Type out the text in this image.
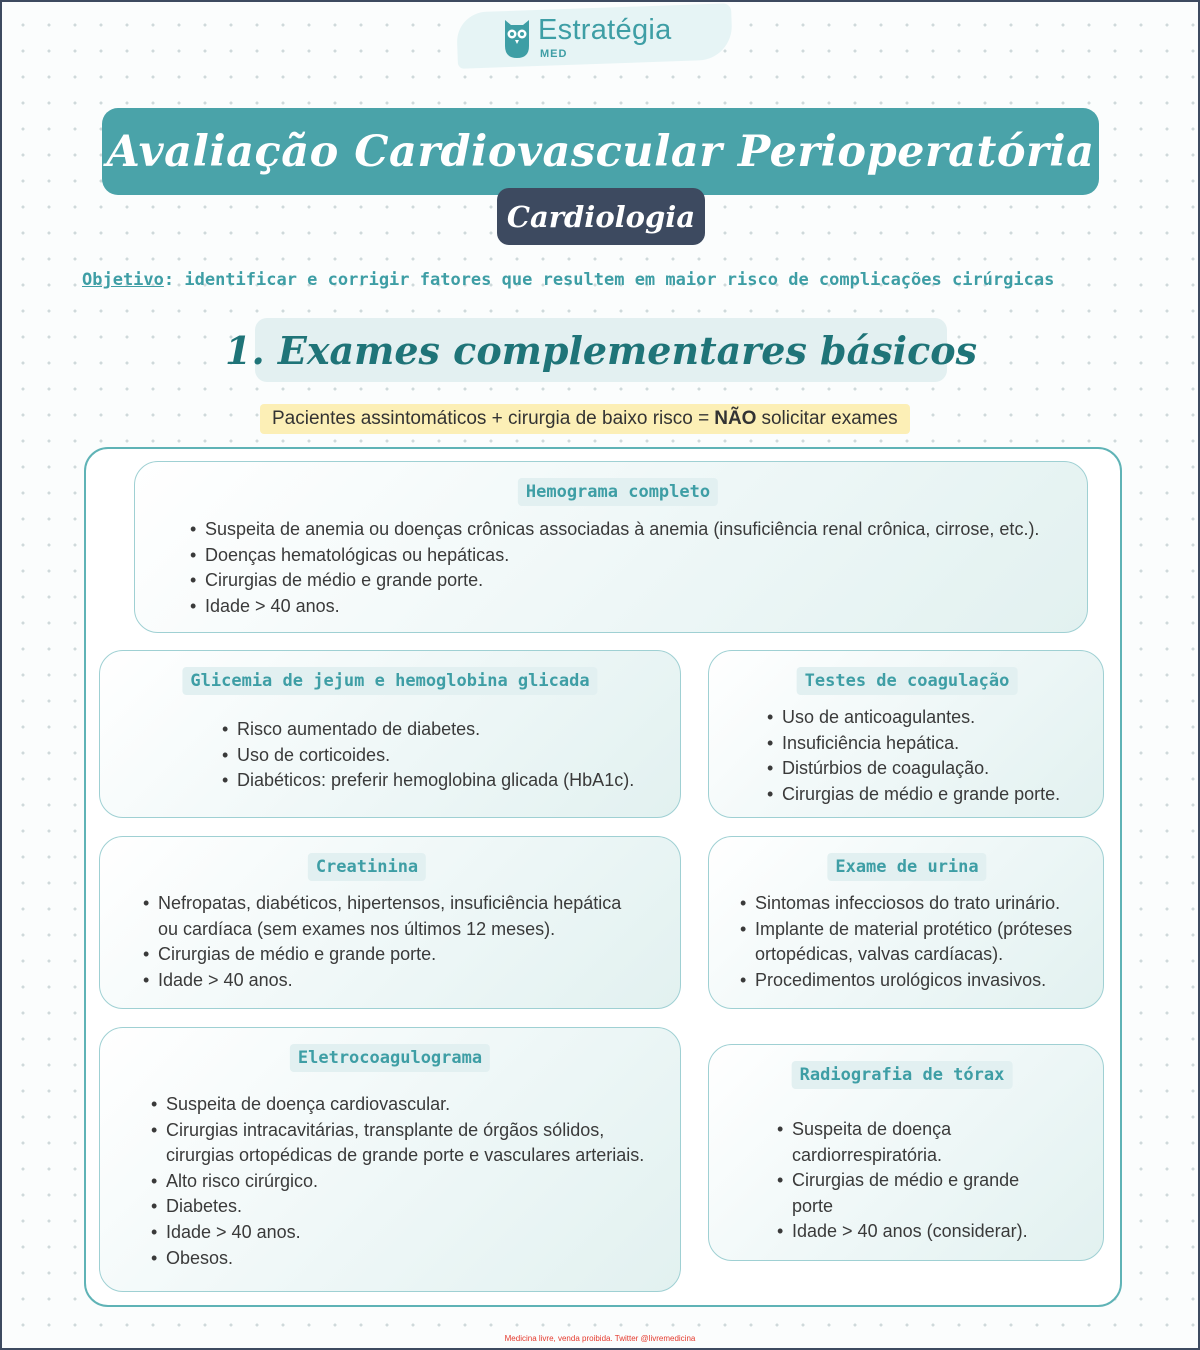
Estratégia
MED
Avaliação Cardiovascular Perioperatória
Cardiologia
Objetivo: identificar e corrigir fatores que resultem em maior risco de complicações cirúrgicas
1. Exames complementares básicos
Pacientes assintomáticos + cirurgia de baixo risco = NÃO solicitar exames
Hemograma completo
• Suspeita de anemia ou doenças crônicas associadas à anemia (insuficiência renal crônica, cirrose, etc.).
• Doenças hematológicas ou hepáticas.
• Cirurgias de médio e grande porte.
• Idade > 40 anos.
Glicemia de jejum e hemoglobina glicada
• Risco aumentado de diabetes.
• Uso de corticoides.
• Diabéticos: preferir hemoglobina glicada (HbA1c).
Testes de coagulação
• Uso de anticoagulantes.
• Insuficiência hepática.
• Distúrbios de coagulação.
• Cirurgias de médio e grande porte.
Creatinina
• Nefropatas, diabéticos, hipertensos, insuficiência hepática ou cardíaca (sem exames nos últimos 12 meses).
• Cirurgias de médio e grande porte.
• Idade > 40 anos.
Exame de urina
• Sintomas infecciosos do trato urinário.
• Implante de material protético (próteses ortopédicas, valvas cardíacas).
• Procedimentos urológicos invasivos.
Eletrocoagulograma
• Suspeita de doença cardiovascular.
• Cirurgias intracavitárias, transplante de órgãos sólidos, cirurgias ortopédicas de grande porte e vasculares arteriais.
• Alto risco cirúrgico.
• Diabetes.
• Idade > 40 anos.
• Obesos.
Radiografia de tórax
• Suspeita de doença cardiorrespiratória.
• Cirurgias de médio e grande porte
• Idade > 40 anos (considerar).
Medicina livre, venda proibida. Twitter @livremedicina
